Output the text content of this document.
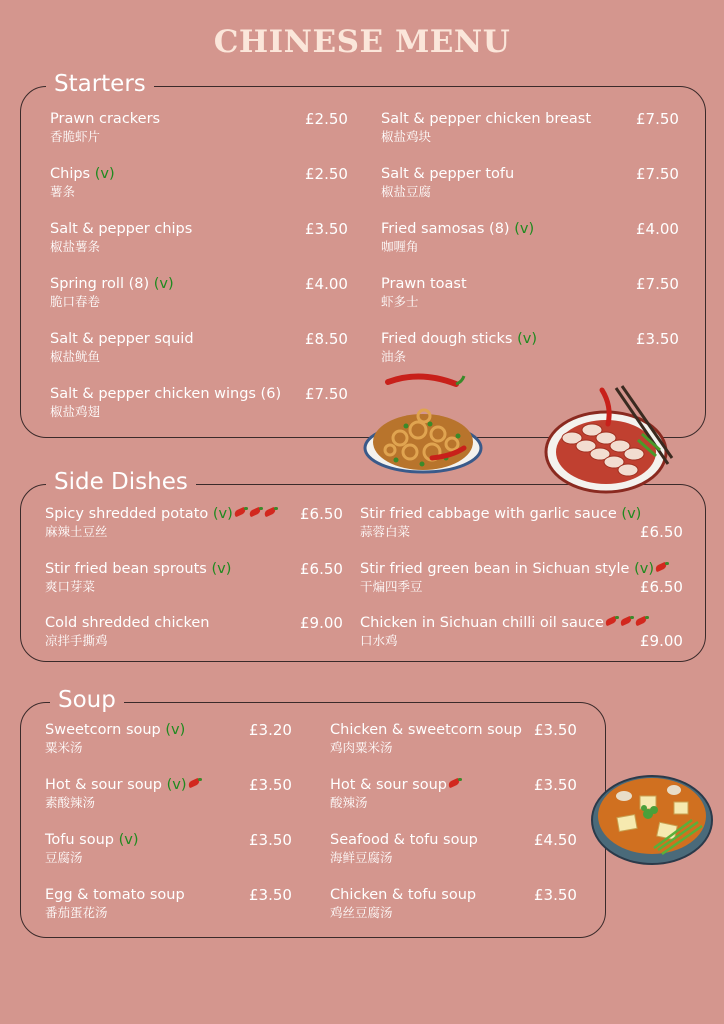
CHINESE MENU
Starters
Prawn crackers
香脆虾片
£2.50
Chips (v)
薯条
£2.50
Salt & pepper chips
椒盐薯条
£3.50
Spring roll (8) (v)
脆口春卷
£4.00
Salt & pepper squid
椒盐鱿鱼
£8.50
Salt & pepper chicken wings (6)
椒盐鸡翅
£7.50
Salt & pepper chicken breast
椒盐鸡块
£7.50
Salt & pepper tofu
椒盐豆腐
£7.50
Fried samosas (8) (v)
咖喱角
£4.00
Prawn toast
虾多士
£7.50
Fried dough sticks (v)
油条
£3.50
Side Dishes
Spicy shredded potato (v)
麻辣土豆丝
£6.50
Stir fried bean sprouts (v)
爽口芽菜
£6.50
Cold shredded chicken
凉拌手撕鸡
£9.00
Stir fried cabbage with garlic sauce (v)
蒜蓉白菜	£6.50
Stir fried green bean in Sichuan style (v)
干煸四季豆	£6.50
Chicken in Sichuan chilli oil sauce
口水鸡	£9.00
Soup
Sweetcorn soup (v)
粟米汤
£3.20
Hot & sour soup (v)
素酸辣汤
£3.50
Tofu soup (v)
豆腐汤
£3.50
Egg & tomato soup
番茄蛋花汤
£3.50
Chicken & sweetcorn soup
鸡肉粟米汤
£3.50
Hot & sour soup
酸辣汤
£3.50
Seafood & tofu soup
海鲜豆腐汤
£4.50
Chicken & tofu soup
鸡丝豆腐汤
£3.50
